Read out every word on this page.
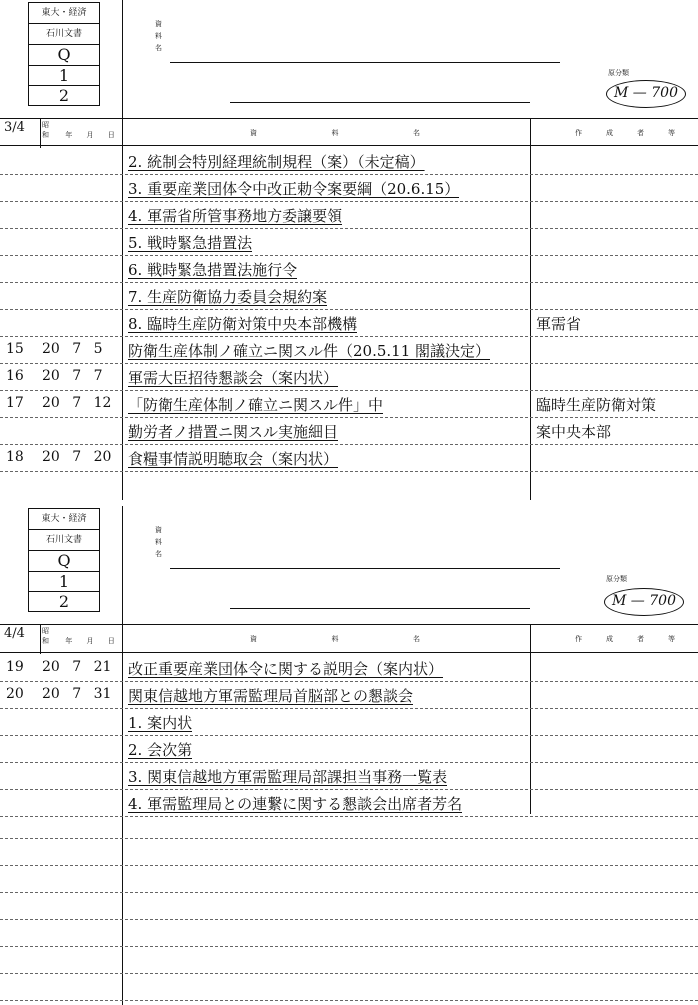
東大・経済
石川文書
Q
1
2
資
料
名
原分類
M — 700
3/4 昭
和 年 月 日	資	料	名	作	成	者	等
2. 統制会特別経理統制規程（案）（未定稿）
3. 重要産業団体令中改正勅令案要綱（20.6.15）
4. 軍需省所管事務地方委譲要領
5. 戦時緊急措置法
6. 戦時緊急措置法施行令
7. 生産防衛協力委員会規約案
8. 臨時生産防衛対策中央本部機構	軍需省
15 20 7 5 防衛生産体制ノ確立ニ関スル件（20.5.11 閣議決定）
16 20 7 7 軍需大臣招待懇談会（案内状）
17 20 7 12 「防衛生産体制ノ確立ニ関スル件」中	臨時生産防衛対策
勤労者ノ措置ニ関スル実施細目	案中央本部
18 20 7 20 食糧事情説明聴取会（案内状）
東大・経済
石川文書
Q
1
2
資
料
名
原分類
M — 700
4/4 昭
和 年 月 日	資	料	名	作	成	者	等
19 20 7 21 改正重要産業団体令に関する説明会（案内状）
20 20 7 31 関東信越地方軍需監理局首脳部との懇談会
1. 案内状
2. 会次第
3. 関東信越地方軍需監理局部課担当事務一覧表
4. 軍需監理局との連繋に関する懇談会出席者芳名
